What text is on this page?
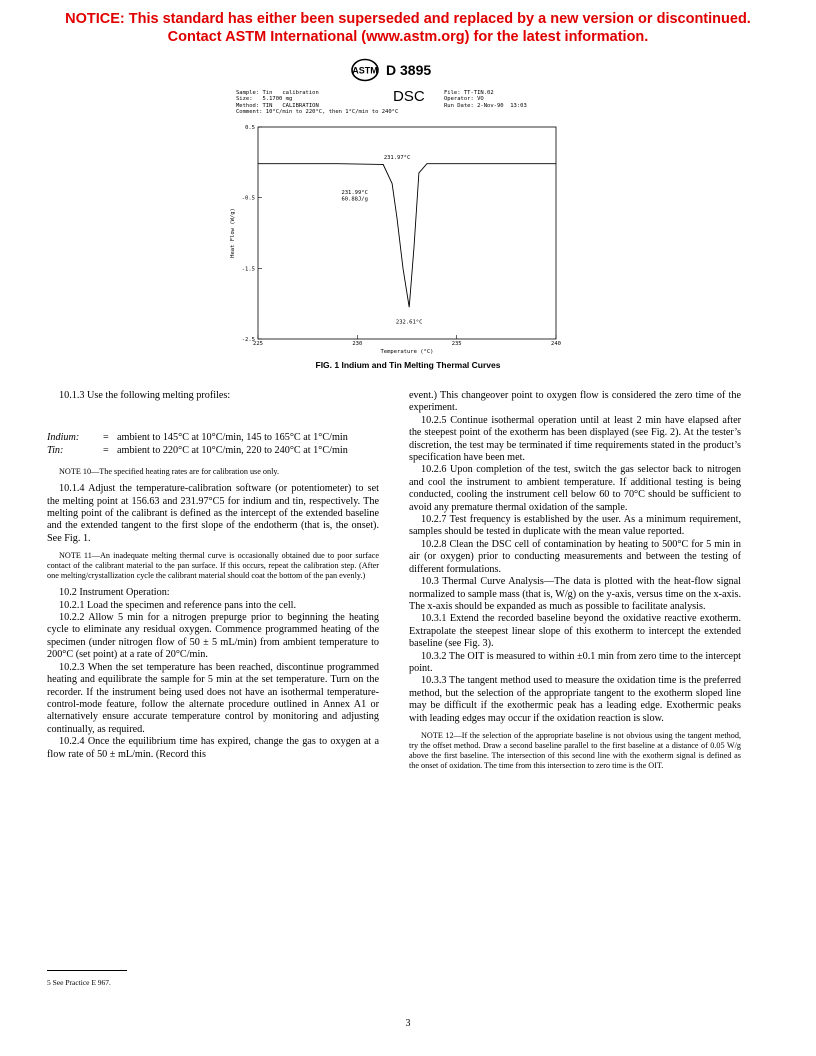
NOTICE: This standard has either been superseded and replaced by a new version or discontinued.
Contact ASTM International (www.astm.org) for the latest information.
ASTM D 3895
Sample: Tin   calibration
Size:   5.1700 mg
Method: TIN   CALIBRATION
Comment: 10°C/min to 220°C, then 1°C/min to 240°C
DSC	File: TT-TIN.02
Operator: VO
Run Date: 2-Nov-90  13:03
0.5
-0.5
-1.5
-2.5
225	230	235	240
Temperature (°C)
Heat Flow (W/g)
231.97°C
231.99°C
60.88J/g
232.61°C
FIG. 1 Indium and Tin Melting Thermal Curves

10.1.3 Use the following melting profiles:

Indium:	= ambient to 145°C at 10°C/min, 145 to 165°C at 1°C/min
Tin:	= ambient to 220°C at 10°C/min, 220 to 240°C at 1°C/min

NOTE 10—The specified heating rates are for calibration use only.

10.1.4 Adjust the temperature-calibration software (or potentiometer) to set the melting point at 156.63 and 231.97°C5 for indium and tin, respectively. The melting point of the calibrant is defined as the intercept of the extended baseline and the extended tangent to the first slope of the endotherm (that is, the onset). See Fig. 1.

NOTE 11—An inadequate melting thermal curve is occasionally obtained due to poor surface contact of the calibrant material to the pan surface. If this occurs, repeat the calibration step. (After one melting/crystallization cycle the calibrant material should coat the bottom of the pan evenly.)

10.2 Instrument Operation:

10.2.1 Load the specimen and reference pans into the cell.

10.2.2 Allow 5 min for a nitrogen prepurge prior to beginning the heating cycle to eliminate any residual oxygen. Commence programmed heating of the specimen (under nitrogen flow of 50 ± 5 mL/min) from ambient temperature to 200°C (set point) at a rate of 20°C/min.

10.2.3 When the set temperature has been reached, discontinue programmed heating and equilibrate the sample for 5 min at the set temperature. Turn on the recorder. If the instrument being used does not have an isothermal temperature-control-mode feature, follow the alternate procedure outlined in Annex A1 or alternatively ensure accurate temperature control by monitoring and adjusting continually, as required.

10.2.4 Once the equilibrium time has expired, change the gas to oxygen at a flow rate of 50 ± mL/min. (Record this

event.) This changeover point to oxygen flow is considered the zero time of the experiment.

10.2.5 Continue isothermal operation until at least 2 min have elapsed after the steepest point of the exotherm has been displayed (see Fig. 2). At the tester’s discretion, the test may be terminated if time requirements stated in the product’s specification have been met.

10.2.6 Upon completion of the test, switch the gas selector back to nitrogen and cool the instrument to ambient temperature. If additional testing is being conducted, cooling the instrument cell below 60 to 70°C should be sufficient to avoid any premature thermal oxidation of the sample.

10.2.7 Test frequency is established by the user. As a minimum requirement, samples should be tested in duplicate with the mean value reported.

10.2.8 Clean the DSC cell of contamination by heating to 500°C for 5 min in air (or oxygen) prior to conducting measurements and between the testing of different formulations.

10.3 Thermal Curve Analysis—The data is plotted with the heat-flow signal normalized to sample mass (that is, W/g) on the y-axis, versus time on the x-axis. The x-axis should be expanded as much as possible to facilitate analysis.

10.3.1 Extend the recorded baseline beyond the oxidative reactive exotherm. Extrapolate the steepest linear slope of this exotherm to intercept the extended baseline (see Fig. 3).

10.3.2 The OIT is measured to within ±0.1 min from zero time to the intercept point.

10.3.3 The tangent method used to measure the oxidation time is the preferred method, but the selection of the appropriate tangent to the exotherm sloped line may be difficult if the exothermic peak has a leading edge. Exothermic peaks with leading edges may occur if the oxidation reaction is slow.

NOTE 12—If the selection of the appropriate baseline is not obvious using the tangent method, try the offset method. Draw a second baseline parallel to the first baseline at a distance of 0.05 W/g above the first baseline. The intersection of this second line with the exotherm signal is defined as the onset of oxidation. The time from this intersection to zero time is the OIT.

5 See Practice E 967.
3
